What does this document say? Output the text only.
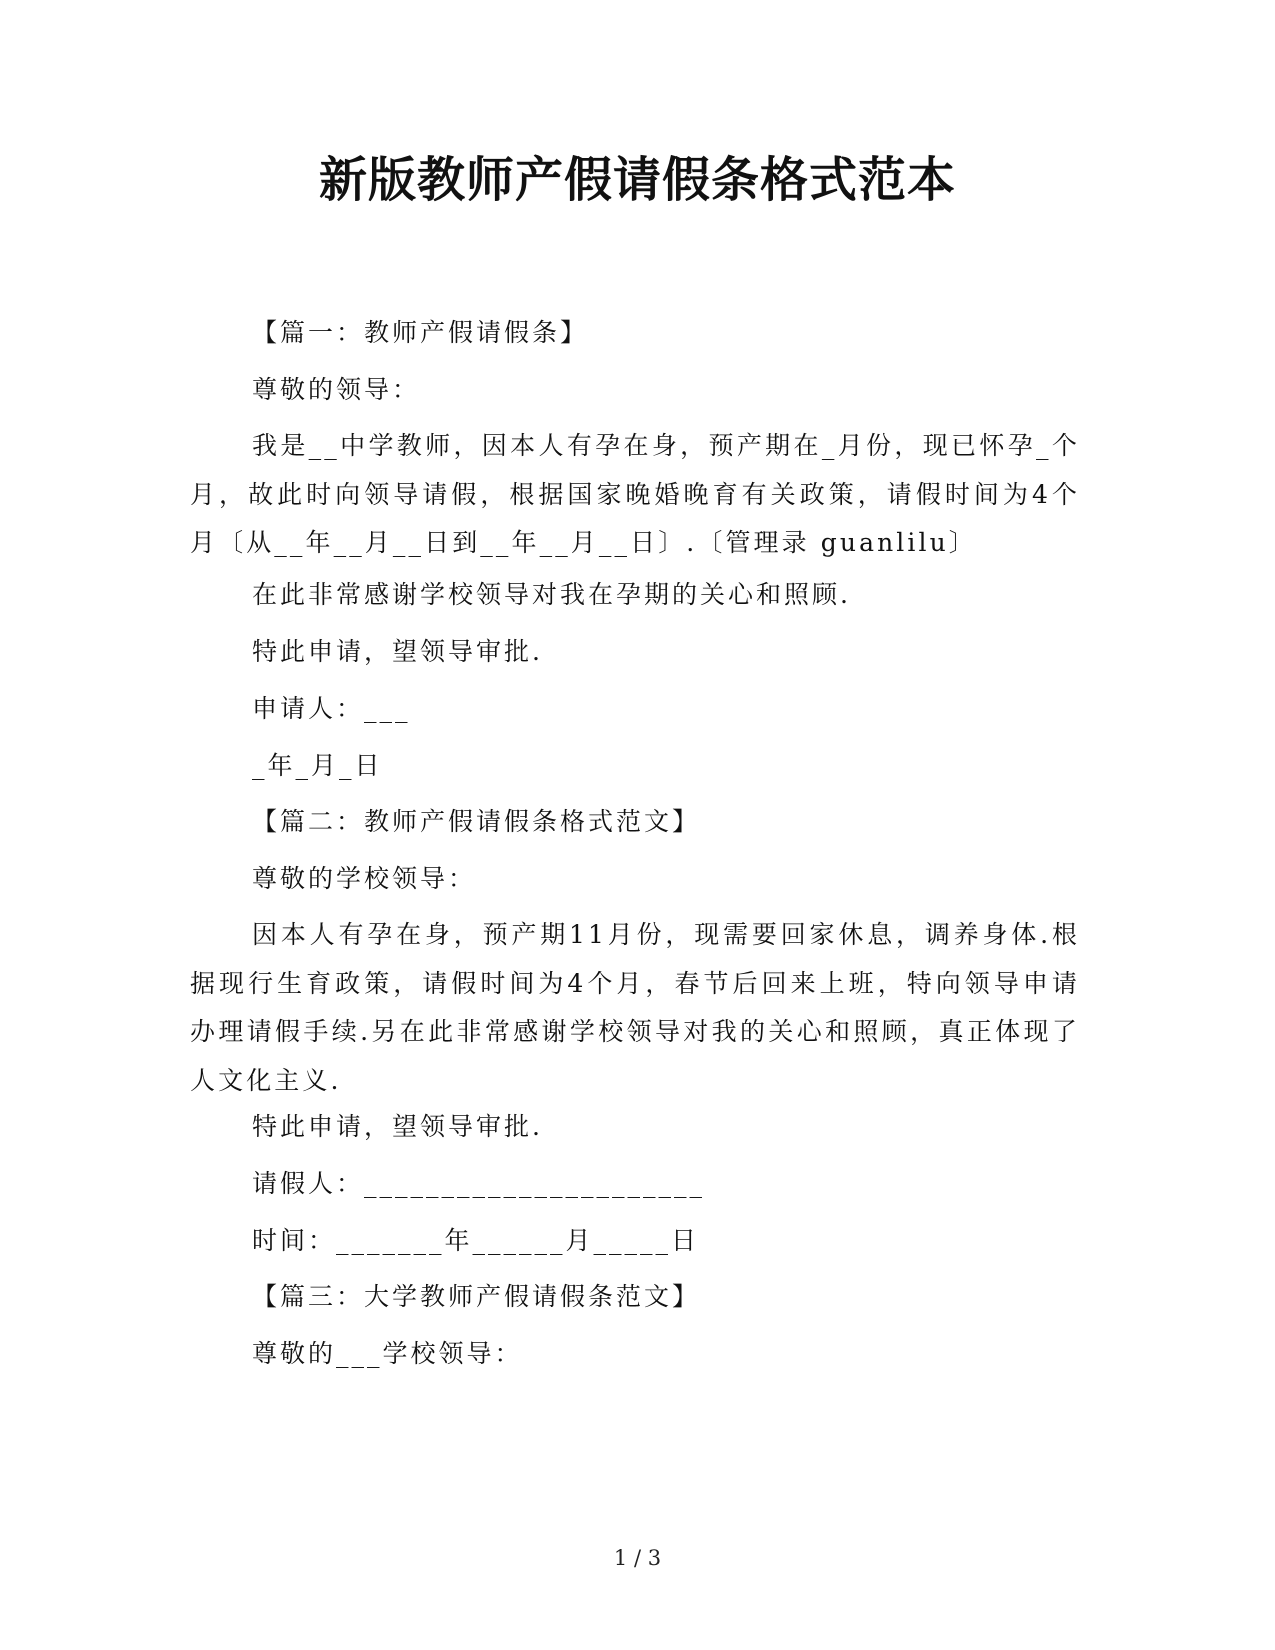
新版教师产假请假条格式范本
【篇一：教师产假请假条】
尊敬的领导：
我是__中学教师，因本人有孕在身，预产期在_月份，现已怀孕_个月，故此时向领导请假，根据国家晚婚晚育有关政策，请假时间为4个月〔从__年__月__日到__年__月__日〕.〔管理录 guanlilu〕
在此非常感谢学校领导对我在孕期的关心和照顾.
特此申请，望领导审批.
申请人：___
_年_月_日
【篇二：教师产假请假条格式范文】
尊敬的学校领导：
因本人有孕在身，预产期11月份，现需要回家休息，调养身体.根据现行生育政策，请假时间为4个月，春节后回来上班，特向领导申请办理请假手续.另在此非常感谢学校领导对我的关心和照顾，真正体现了人文化主义.
特此申请，望领导审批.
请假人：______________________
时间：_______年______月_____日
【篇三：大学教师产假请假条范文】
尊敬的___学校领导：
1 / 3
